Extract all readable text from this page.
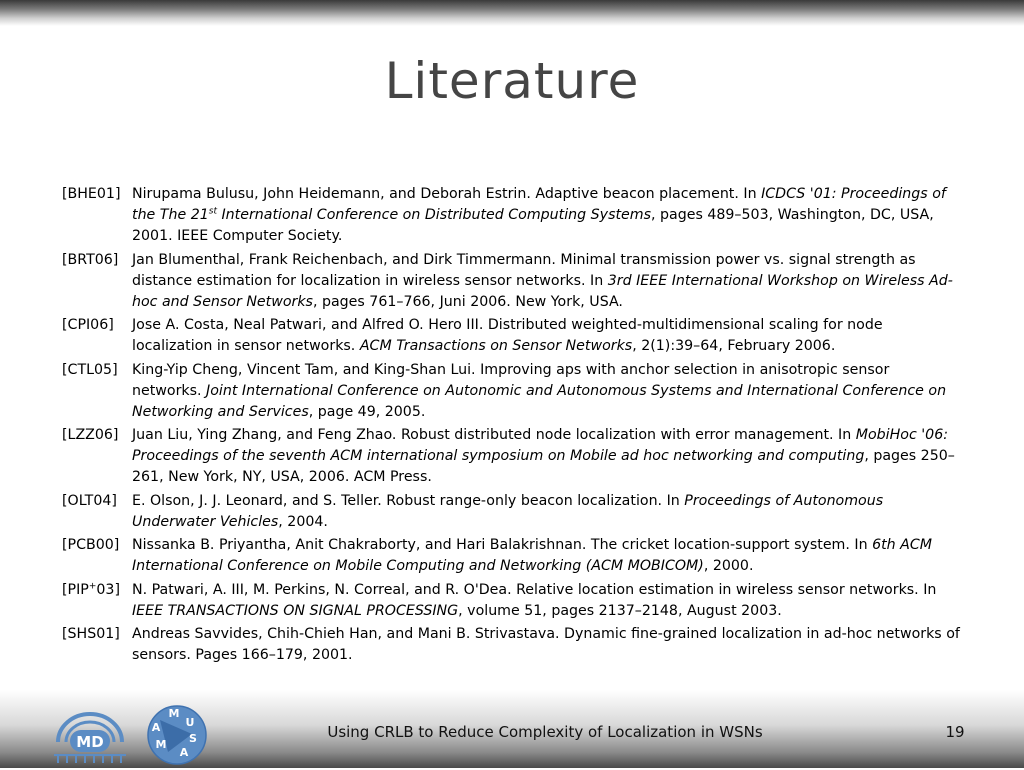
Literature
[BHE01] Nirupama Bulusu, John Heidemann, and Deborah Estrin. Adaptive beacon placement. In ICDCS '01: Proceedings of the The 21st International Conference on Distributed Computing Systems, pages 489–503, Washington, DC, USA, 2001. IEEE Computer Society.
[BRT06] Jan Blumenthal, Frank Reichenbach, and Dirk Timmermann. Minimal transmission power vs. signal strength as distance estimation for localization in wireless sensor networks. In 3rd IEEE International Workshop on Wireless Ad-hoc and Sensor Networks, pages 761–766, Juni 2006. New York, USA.
[CPI06]	Jose A. Costa, Neal Patwari, and Alfred O. Hero III. Distributed weighted-multidimensional scaling for node localization in sensor networks. ACM Transactions on Sensor Networks, 2(1):39–64, February 2006.
[CTL05]	King-Yip Cheng, Vincent Tam, and King-Shan Lui. Improving aps with anchor selection in anisotropic sensor networks. Joint International Conference on Autonomic and Autonomous Systems and International Conference on Networking and Services, page 49, 2005.
[LZZ06] Juan Liu, Ying Zhang, and Feng Zhao. Robust distributed node localization with error management. In MobiHoc '06: Proceedings of the seventh ACM international symposium on Mobile ad hoc networking and computing, pages 250–261, New York, NY, USA, 2006. ACM Press.
[OLT04]	E. Olson, J. J. Leonard, and S. Teller. Robust range-only beacon localization. In Proceedings of Autonomous Underwater Vehicles, 2004.
[PCB00] Nissanka B. Priyantha, Anit Chakraborty, and Hari Balakrishnan. The cricket location-support system. In 6th ACM International Conference on Mobile Computing and Networking (ACM MOBICOM), 2000.
[PIP+03] N. Patwari, A. III, M. Perkins, N. Correal, and R. O'Dea. Relative location estimation in wireless sensor networks. In IEEE TRANSACTIONS ON SIGNAL PROCESSING, volume 51, pages 2137–2148, August 2003.
[SHS01] Andreas Savvides, Chih-Chieh Han, and Mani B. Strivastava. Dynamic fine-grained localization in ad-hoc networks of sensors. Pages 166–179, 2001.
MD
M
U
S
A
M
A	Using CRLB to Reduce Complexity of Localization in WSNs	19
